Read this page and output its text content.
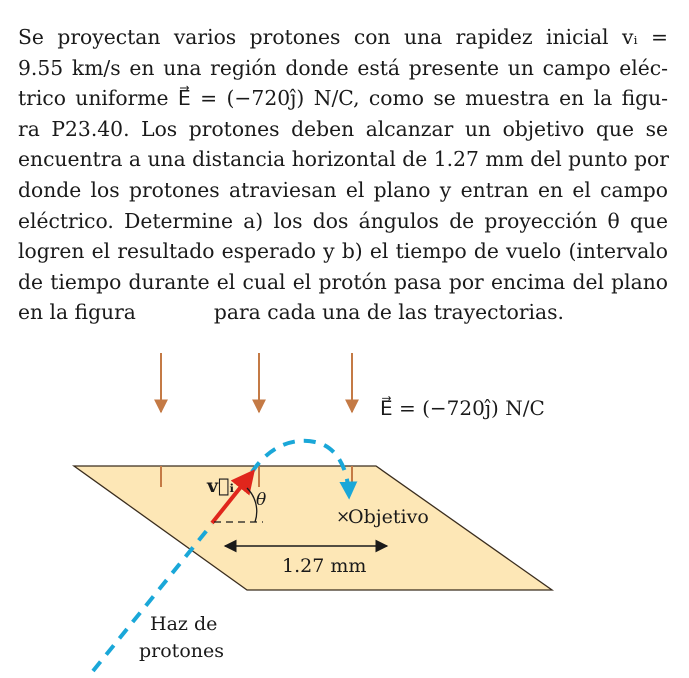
Se proyectan varios protones con una rapidez inicial vᵢ =
9.55 km/s en una región donde está presente un campo eléc-
trico uniforme E⃗ = (−720ĵ) N/C, como se muestra en la figu-
ra P23.40. Los protones deben alcanzar un objetivo que se
encuentra a una distancia horizontal de 1.27 mm del punto por
donde los protones atraviesan el plano y entran en el campo
eléctrico. Determine a) los dos ángulos de proyección θ que
logren el resultado esperado y b) el tiempo de vuelo (intervalo
de tiempo durante el cual el protón pasa por encima del plano
en la figura	para cada una de las trayectorias.
×
E⃗ = (−720ĵ) N/C
v⃗ᵢ
θ
Objetivo
1.27 mm
Haz de
protones
